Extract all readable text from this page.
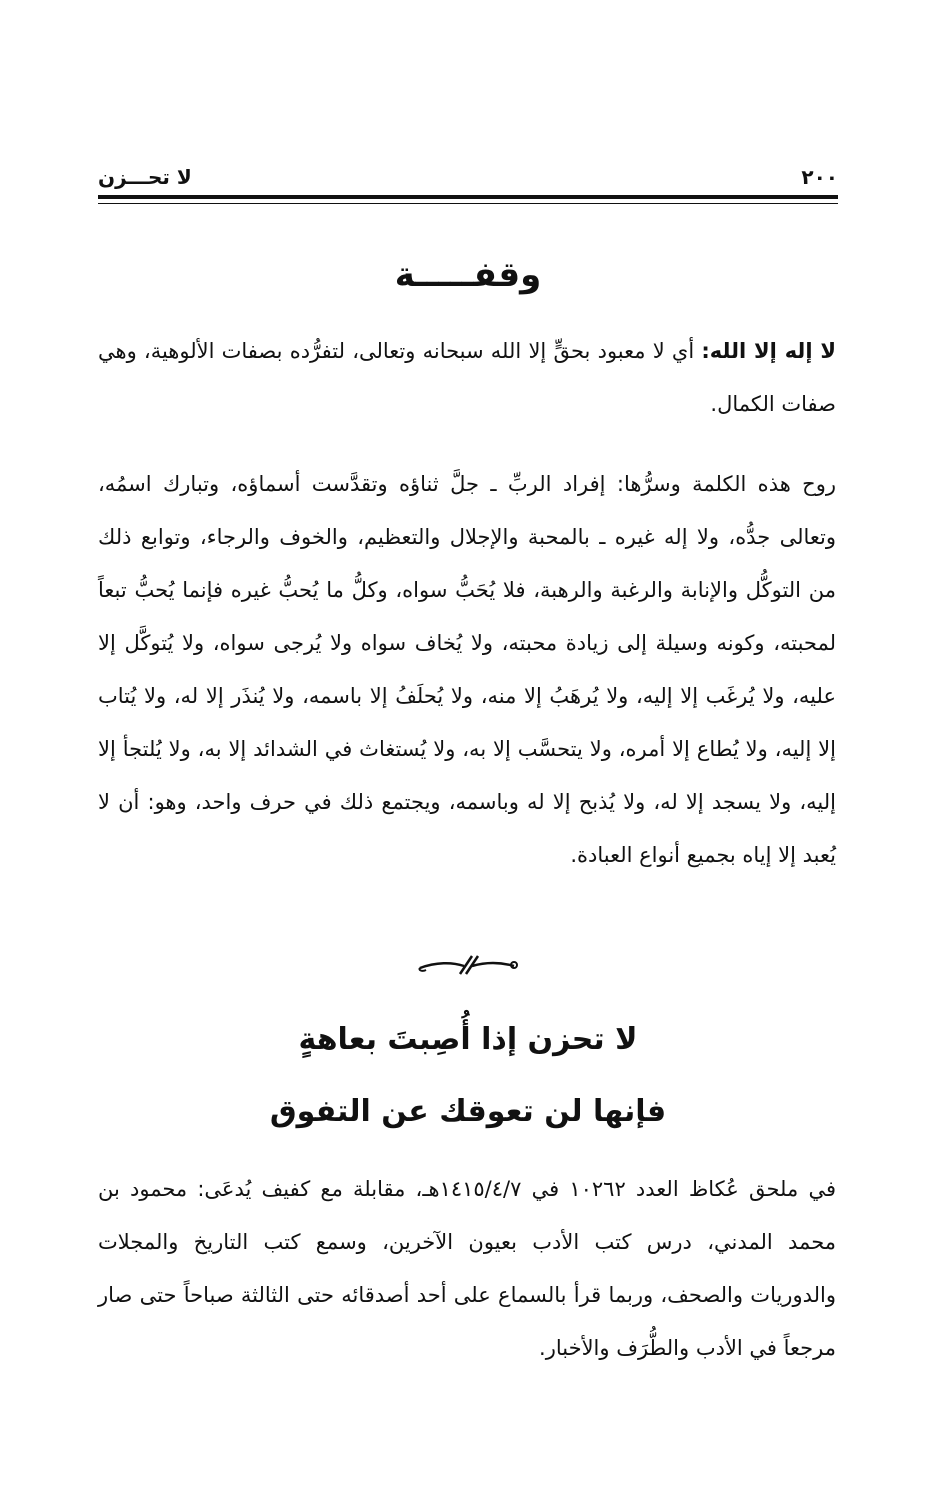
٢٠٠
لا تحـــزن
وقفـــــة
لا إله إلا الله: أي لا معبود بحقٍّ إلا الله سبحانه وتعالى، لتفرُّده بصفات الألوهية، وهي صفات الكمال.
روح هذه الكلمة وسرُّها: إفراد الربِّ ـ جلَّ ثناؤه وتقدَّست أسماؤه، وتبارك اسمُه، وتعالى جدُّه، ولا إله غيره ـ بالمحبة والإجلال والتعظيم، والخوف والرجاء، وتوابع ذلك من التوكُّل والإنابة والرغبة والرهبة، فلا يُحَبُّ سواه، وكلُّ ما يُحبُّ غيره فإنما يُحبُّ تبعاً لمحبته، وكونه وسيلة إلى زيادة محبته، ولا يُخاف سواه ولا يُرجى سواه، ولا يُتوكَّل إلا عليه، ولا يُرغَب إلا إليه، ولا يُرهَبُ إلا منه، ولا يُحلَفُ إلا باسمه، ولا يُنذَر إلا له، ولا يُتاب إلا إليه، ولا يُطاع إلا أمره، ولا يتحسَّب إلا به، ولا يُستغاث في الشدائد إلا به، ولا يُلتجأ إلا إليه، ولا يسجد إلا له، ولا يُذبح إلا له وباسمه، ويجتمع ذلك في حرف واحد، وهو: أن لا يُعبد إلا إياه بجميع أنواع العبادة.
لا تحزن إذا أُصِبتَ بعاهةٍ
فإنها لن تعوقك عن التفوق
في ملحق عُكاظ العدد ١٠٢٦٢ في ١٤١٥/٤/٧هـ، مقابلة مع كفيف يُدعَى: محمود بن محمد المدني، درس كتب الأدب بعيون الآخرين، وسمع كتب التاريخ والمجلات والدوريات والصحف، وربما قرأ بالسماع على أحد أصدقائه حتى الثالثة صباحاً حتى صار مرجعاً في الأدب والطُّرَف والأخبار.
